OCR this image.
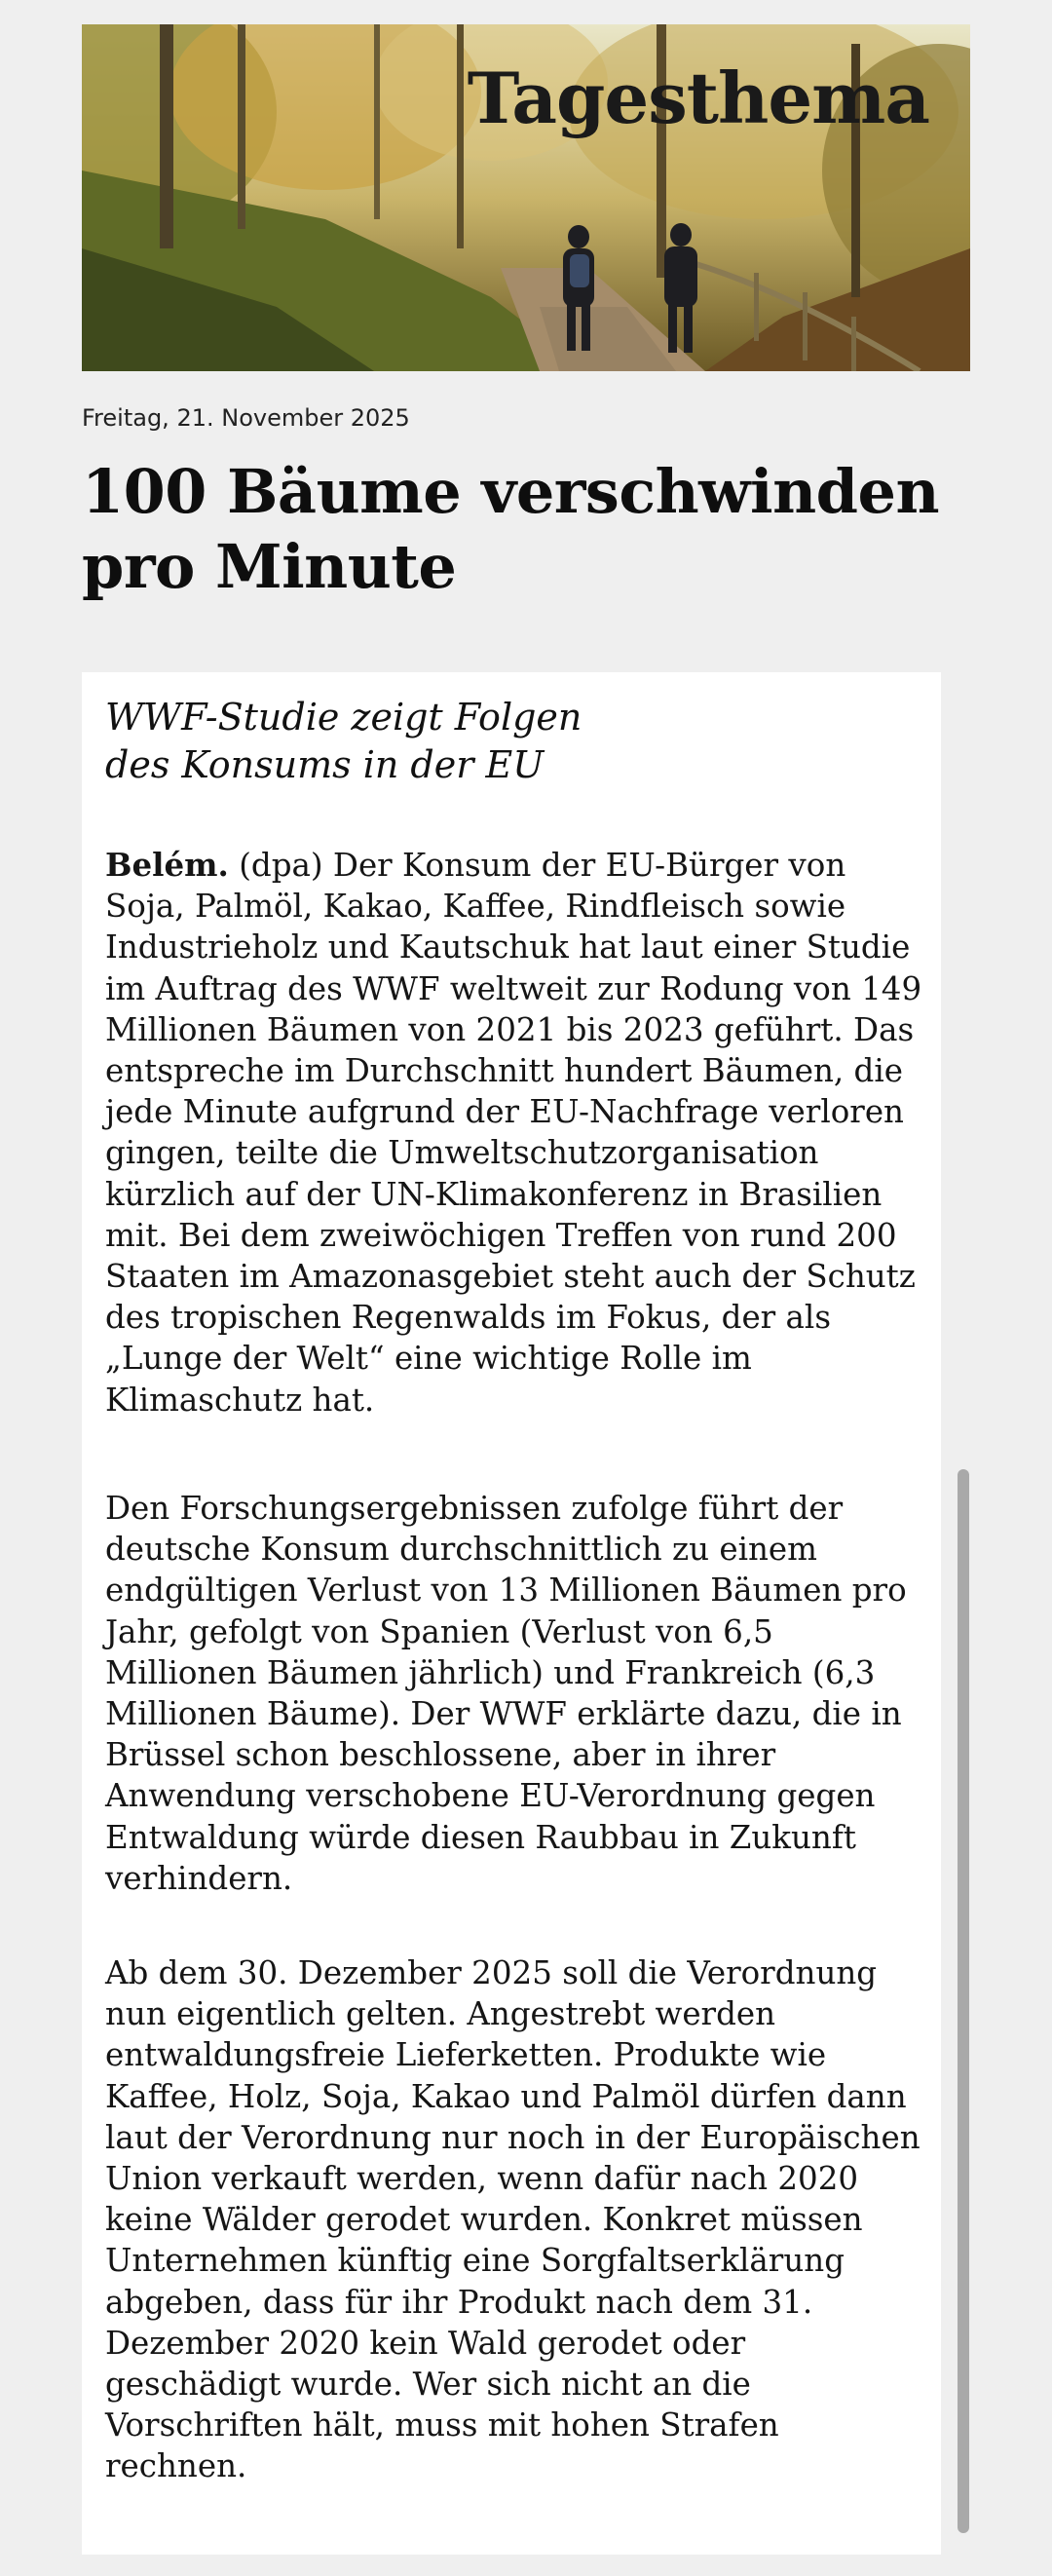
Tagesthema
Freitag, 21. November 2025
100 Bäume verschwinden pro Minute

WWF-Studie zeigt Folgen
des Konsums in der EU

Belém. (dpa) Der Konsum der EU-Bürger von Soja, Palmöl, Kakao, Kaffee, Rindfleisch sowie Industrieholz und Kautschuk hat laut einer Studie im Auftrag des WWF weltweit zur Rodung von 149 Millionen Bäumen von 2021 bis 2023 geführt. Das entspreche im Durchschnitt hundert Bäumen, die jede Minute aufgrund der EU-Nachfrage verloren gingen, teilte die Umweltschutzorganisation kürzlich auf der UN-Klimakonferenz in Brasilien mit. Bei dem zweiwöchigen Treffen von rund 200 Staaten im Amazonasgebiet steht auch der Schutz des tropischen Regenwalds im Fokus, der als „Lunge der Welt“ eine wichtige Rolle im Klimaschutz hat.

Den Forschungsergebnissen zufolge führt der deutsche Konsum durchschnittlich zu einem endgültigen Verlust von 13 Millionen Bäumen pro Jahr, gefolgt von Spanien (Verlust von 6,5 Millionen Bäumen jährlich) und Frankreich (6,3 Millionen Bäume). Der WWF erklärte dazu, die in Brüssel schon beschlossene, aber in ihrer Anwendung verschobene EU-Verordnung gegen Entwaldung würde diesen Raubbau in Zukunft verhindern.

Ab dem 30. Dezember 2025 soll die Verordnung nun eigentlich gelten. Angestrebt werden entwaldungsfreie Lieferketten. Produkte wie Kaffee, Holz, Soja, Kakao und Palmöl dürfen dann laut der Verordnung nur noch in der Europäischen Union verkauft werden, wenn dafür nach 2020 keine Wälder gerodet wurden. Konkret müssen Unternehmen künftig eine Sorgfaltserklärung abgeben, dass für ihr Produkt nach dem 31. Dezember 2020 kein Wald gerodet oder geschädigt wurde. Wer sich nicht an die Vorschriften hält, muss mit hohen Strafen rechnen.
